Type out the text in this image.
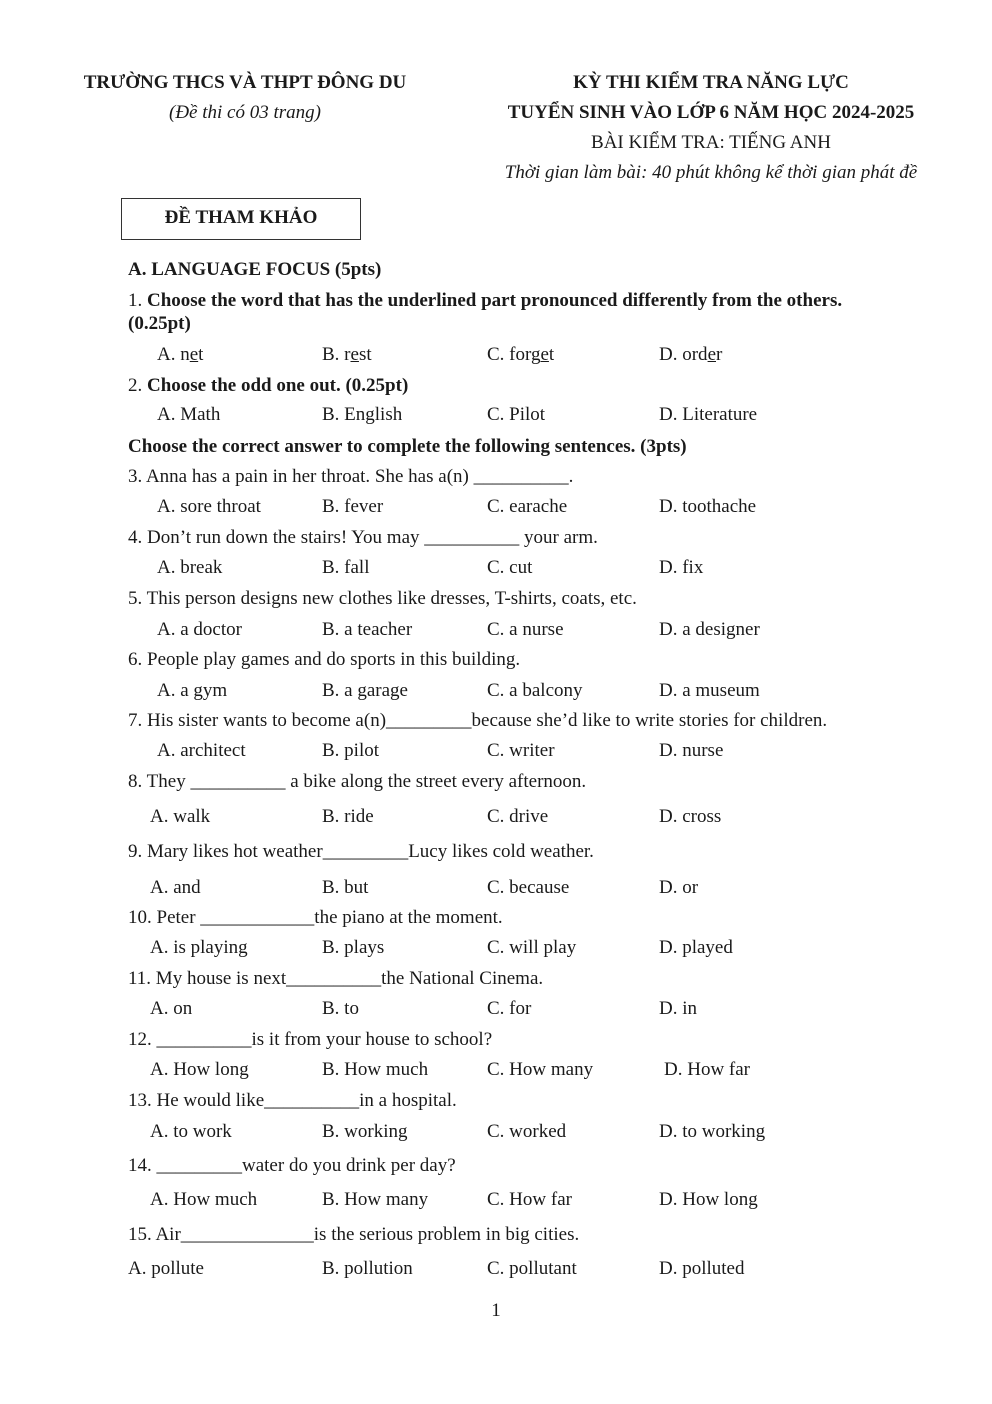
TRƯỜNG THCS VÀ THPT ĐÔNG DU
(Đề thi có 03 trang)
KỲ THI KIỂM TRA NĂNG LỰC
TUYỂN SINH VÀO LỚP 6 NĂM HỌC 2024-2025
BÀI KIỂM TRA: TIẾNG ANH
Thời gian làm bài: 40 phút không kể thời gian phát đề
ĐỀ THAM KHẢO
A. LANGUAGE FOCUS (5pts)
1. Choose the word that has the underlined part pronounced differently from the others.
(0.25pt)
A. net	B. rest	C. forget	D. order
2. Choose the odd one out. (0.25pt)
A. Math	B. English	C. Pilot	D. Literature
Choose the correct answer to complete the following sentences. (3pts)
3. Anna has a pain in her throat. She has a(n) __________.
A. sore throat	B. fever	C. earache	D. toothache
4. Don’t run down the stairs! You may __________ your arm.
A. break	B. fall	C. cut	D. fix
5. This person designs new clothes like dresses, T-shirts, coats, etc.
A. a doctor	B. a teacher	C. a nurse	D. a designer
6. People play games and do sports in this building.
A. a gym	B. a garage	C. a balcony	D. a museum
7. His sister wants to become a(n)_________because she’d like to write stories for children.
A. architect	B. pilot	C. writer	D. nurse
8. They __________ a bike along the street every afternoon.
A. walk	B. ride	C. drive	D. cross
9. Mary likes hot weather_________Lucy likes cold weather.
A. and	B. but	C. because	D. or
10. Peter ____________the piano at the moment.
A. is playing	B. plays	C. will play	D. played
11. My house is next__________the National Cinema.
A. on	B. to	C. for	D. in
12. __________is it from your house to school?
A. How long	B. How much	C. How many	D. How far
13. He would like__________in a hospital.
A. to work	B. working	C. worked	D. to working
14. _________water do you drink per day?
A. How much	B. How many	C. How far	D. How long
15. Air______________is the serious problem in big cities.
A. pollute	B. pollution	C. pollutant	D. polluted
1
